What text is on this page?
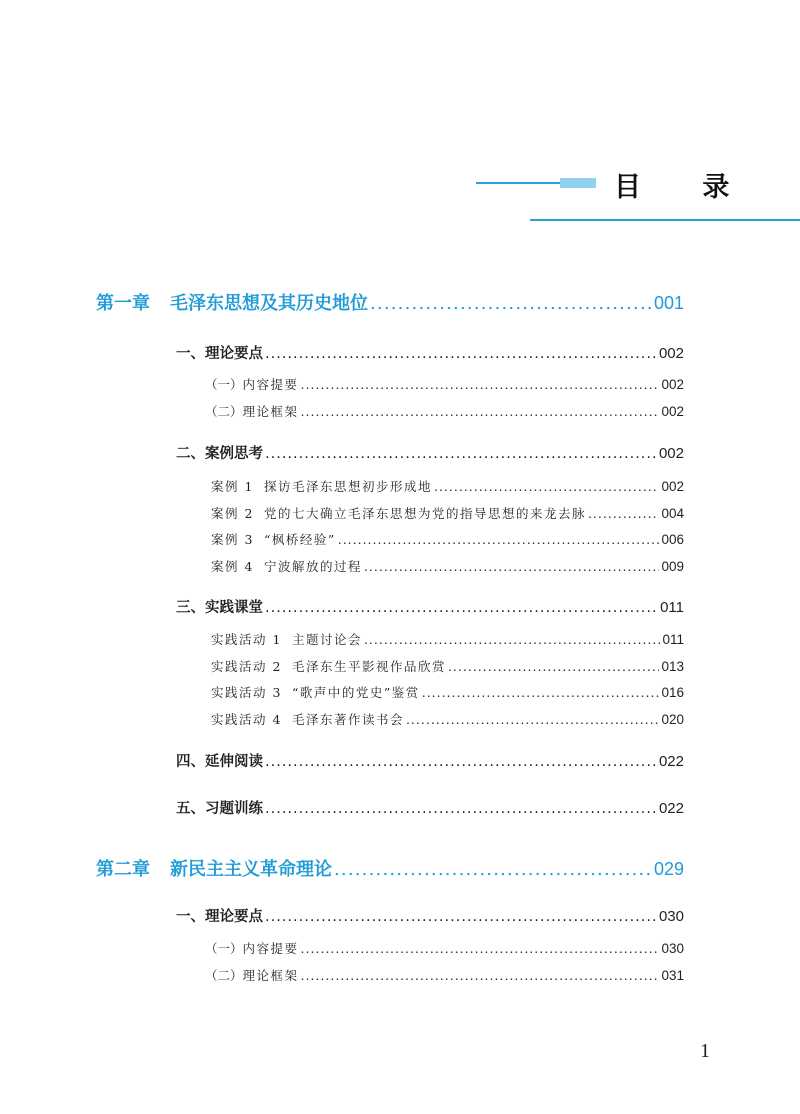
目 录
第一章 毛泽东思想及其历史地位 .....	001
一、理论要点 .....	002
（一） 内容提要 .....	002
（二） 理论框架 .....	002
二、案例思考 .....	002
案例 1 探访毛泽东思想初步形成地 .....	002
案例 2 党的七大确立毛泽东思想为党的指导思想的来龙去脉 .....	004
案例 3 “枫桥经验” .....	006
案例 4 宁波解放的过程 .....	009
三、实践课堂 .....	011
实践活动 1 主题讨论会 .....	011
实践活动 2 毛泽东生平影视作品欣赏 .....	013
实践活动 3 “歌声中的党史”鉴赏 .....	016
实践活动 4 毛泽东著作读书会 .....	020
四、延伸阅读 .....	022
五、习题训练 .....	022
第二章 新民主主义革命理论 .....	029
一、理论要点 .....	030
（一） 内容提要 .....	030
（二） 理论框架 .....	031
1
